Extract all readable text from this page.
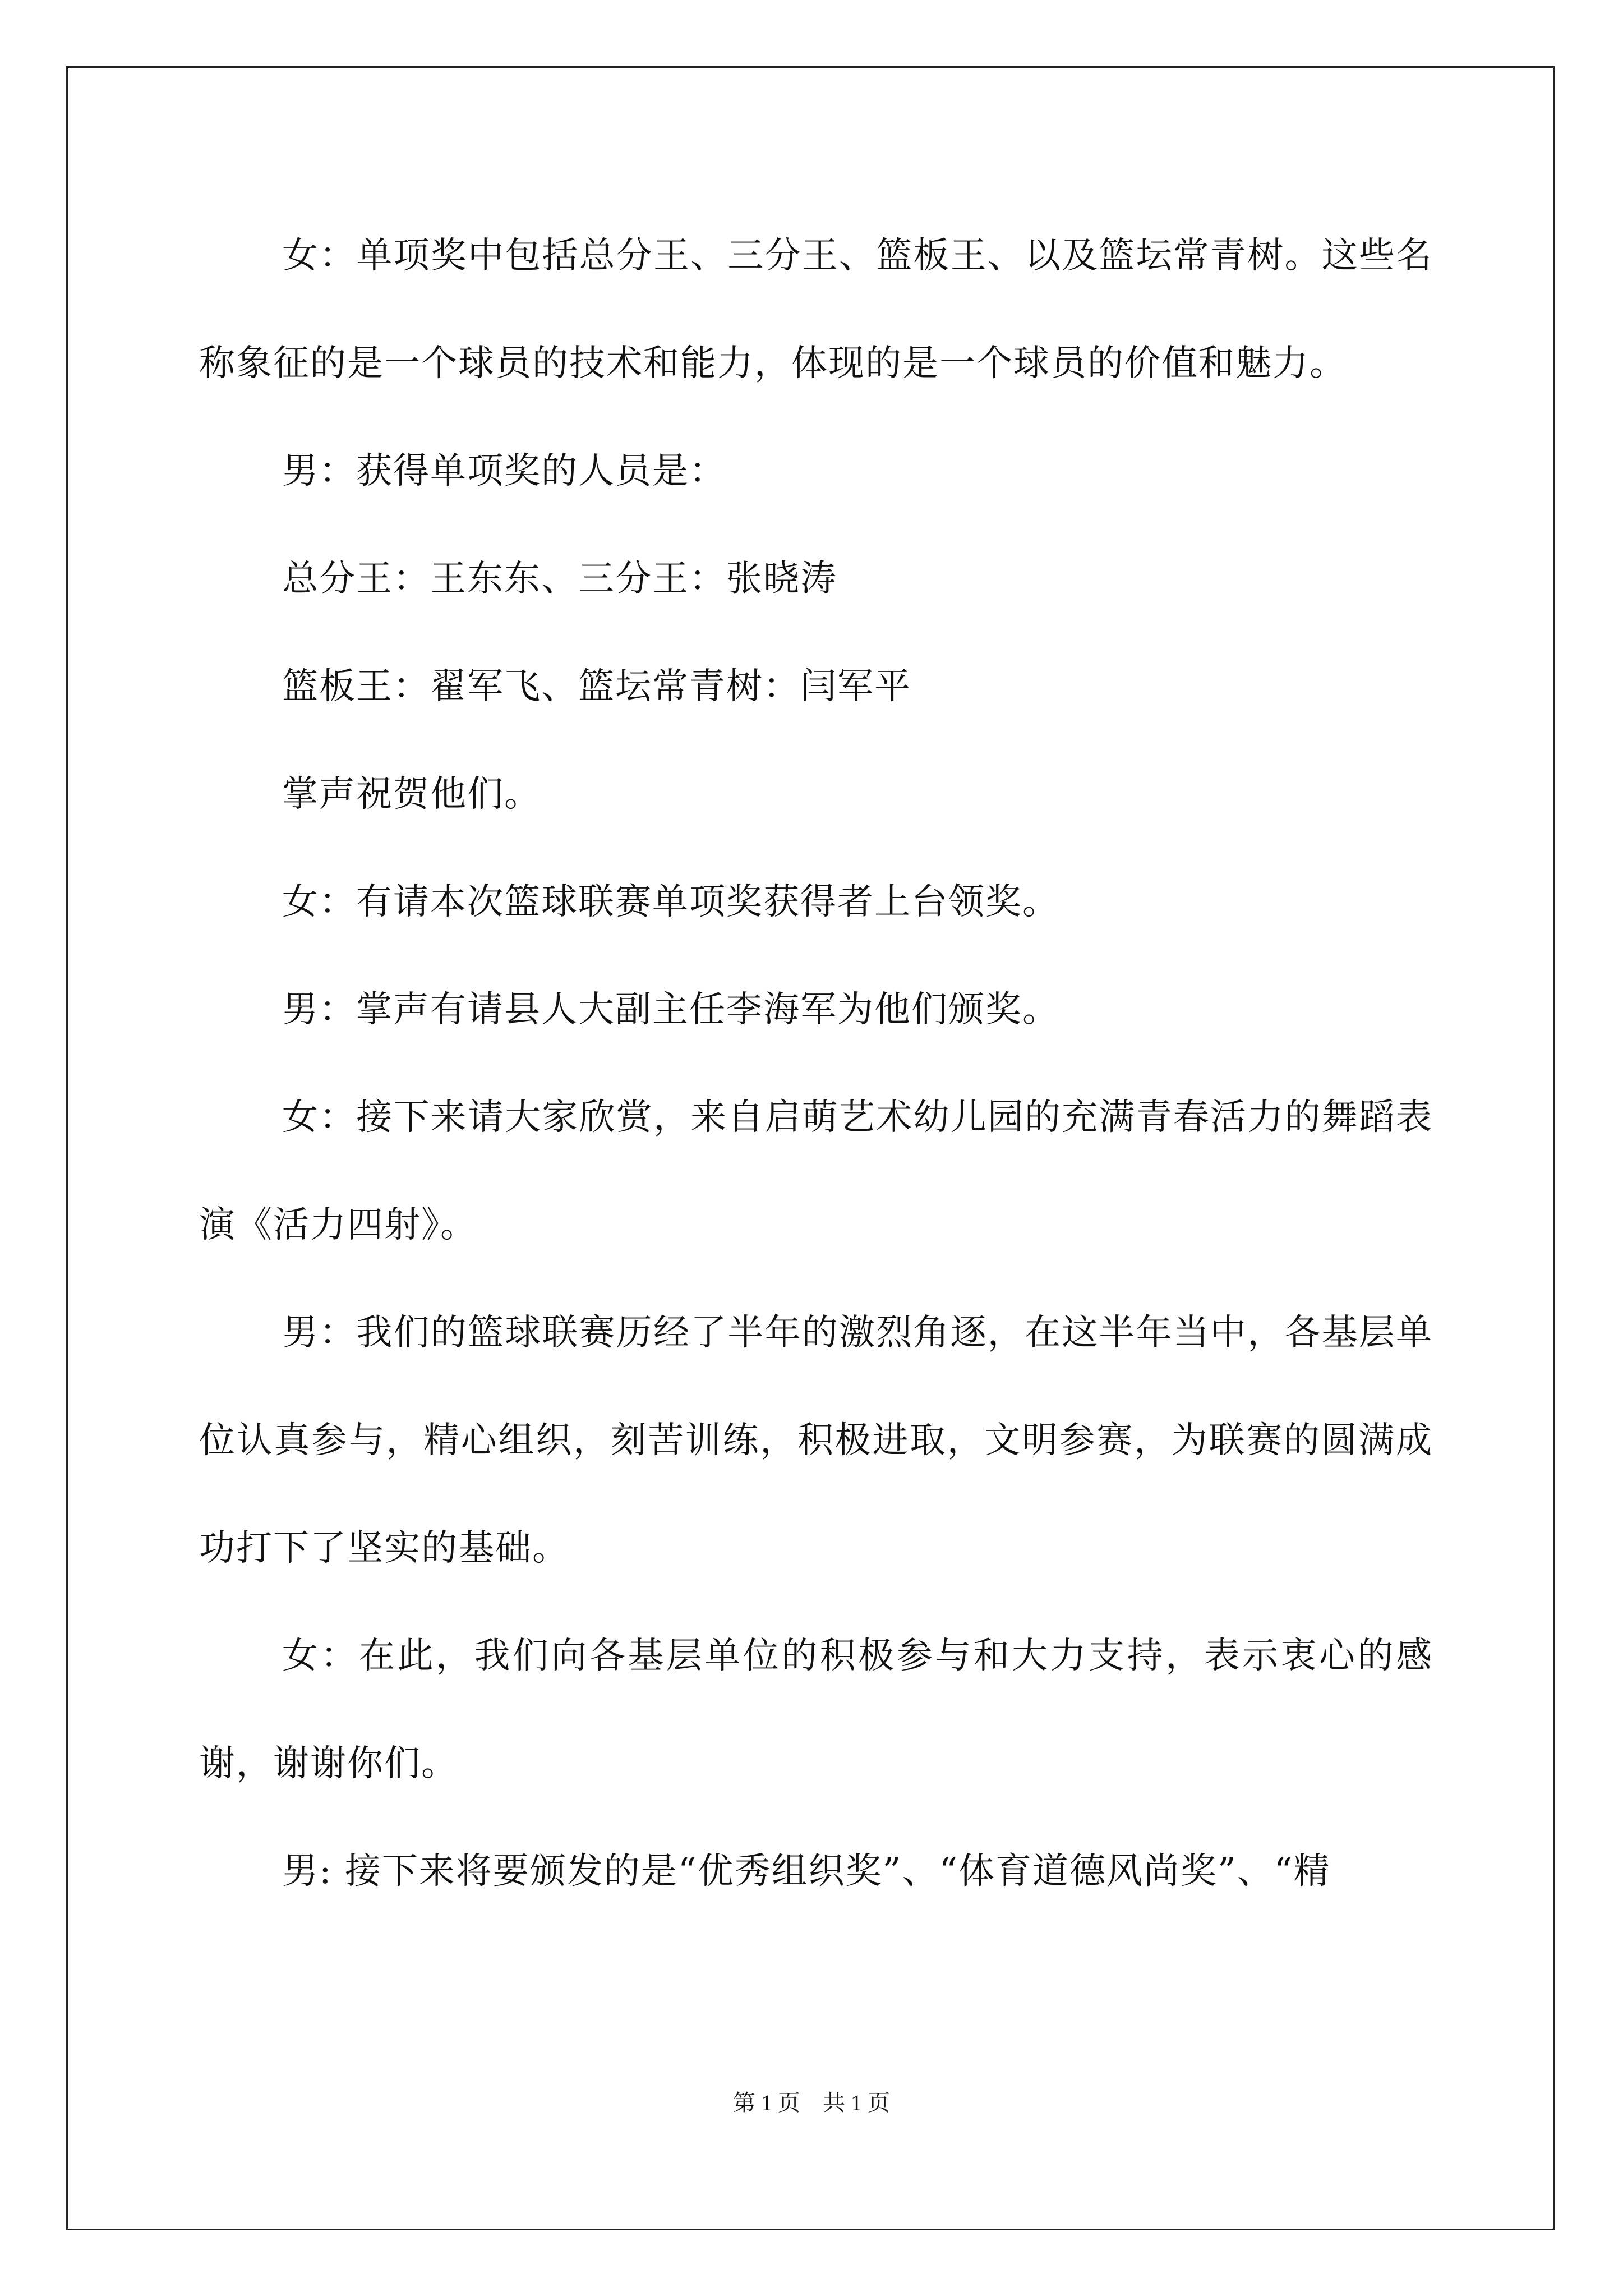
女：单项奖中包括总分王、三分王、篮板王、以及篮坛常青树。这些名称象征的是一个球员的技术和能力，体现的是一个球员的价值和魅力。

男：获得单项奖的人员是：

总分王：王东东、三分王：张晓涛

篮板王：翟军飞、篮坛常青树：闫军平

掌声祝贺他们。

女：有请本次篮球联赛单项奖获得者上台领奖。

男：掌声有请县人大副主任李海军为他们颁奖。

女：接下来请大家欣赏，来自启萌艺术幼儿园的充满青春活力的舞蹈表演《活力四射》。

男：我们的篮球联赛历经了半年的激烈角逐，在这半年当中，各基层单位认真参与，精心组织，刻苦训练，积极进取，文明参赛，为联赛的圆满成功打下了坚实的基础。

女：在此，我们向各基层单位的积极参与和大力支持，表示衷心的感谢，谢谢你们。

男: 接下来将要颁发的是“优秀组织奖”、“体育道德风尚奖”、“精

第 1 页　共 1 页
